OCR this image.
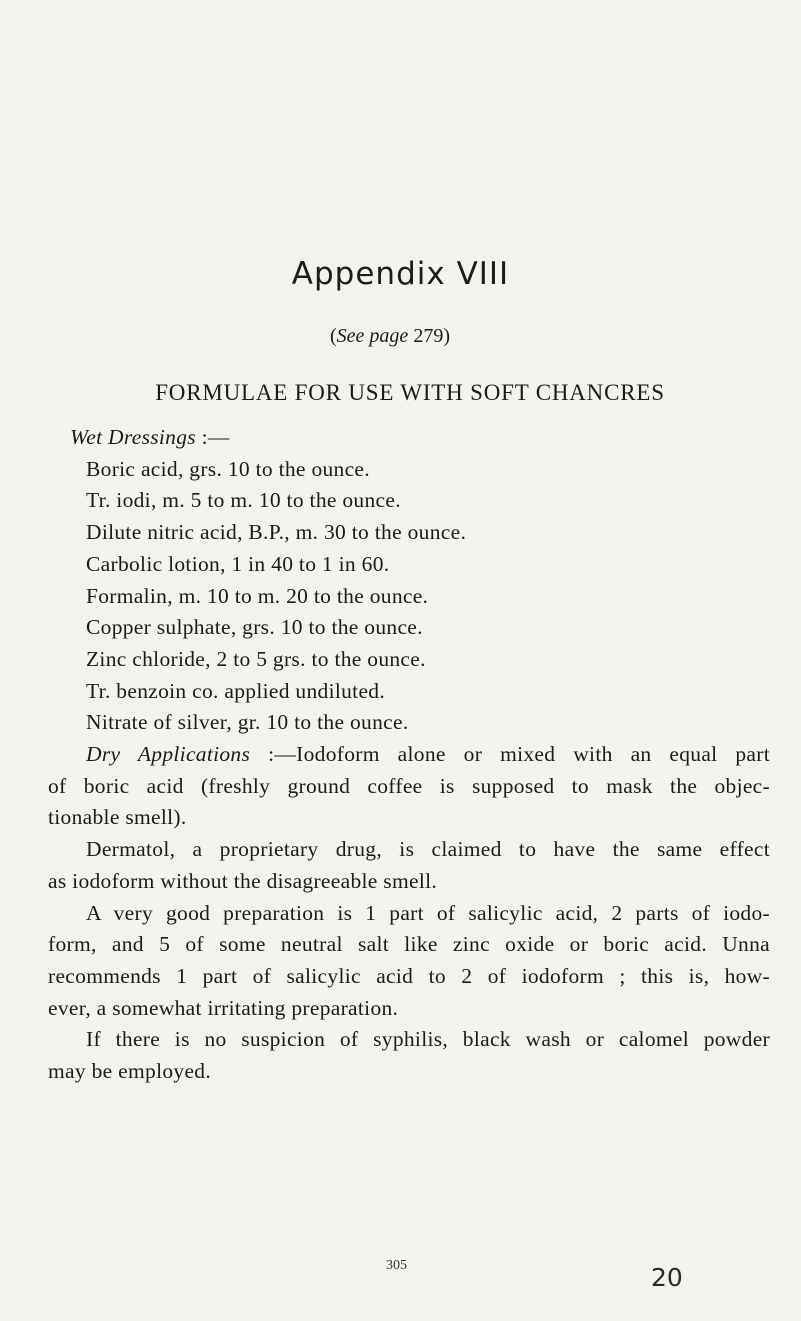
Appendix VIII
(See page 279)
FORMULAE FOR USE WITH SOFT CHANCRES
Wet Dressings :—
Boric acid, grs. 10 to the ounce.
Tr. iodi, m. 5 to m. 10 to the ounce.
Dilute nitric acid, B.P., m. 30 to the ounce.
Carbolic lotion, 1 in 40 to 1 in 60.
Formalin, m. 10 to m. 20 to the ounce.
Copper sulphate, grs. 10 to the ounce.
Zinc chloride, 2 to 5 grs. to the ounce.
Tr. benzoin co. applied undiluted.
Nitrate of silver, gr. 10 to the ounce.
Dry Applications :—Iodoform alone or mixed with an equal part
of boric acid (freshly ground coffee is supposed to mask the objec-
tionable smell).
Dermatol, a proprietary drug, is claimed to have the same effect
as iodoform without the disagreeable smell.
A very good preparation is 1 part of salicylic acid, 2 parts of iodo-
form, and 5 of some neutral salt like zinc oxide or boric acid. Unna
recommends 1 part of salicylic acid to 2 of iodoform ; this is, how-
ever, a somewhat irritating preparation.
If there is no suspicion of syphilis, black wash or calomel powder
may be employed.
305	20
